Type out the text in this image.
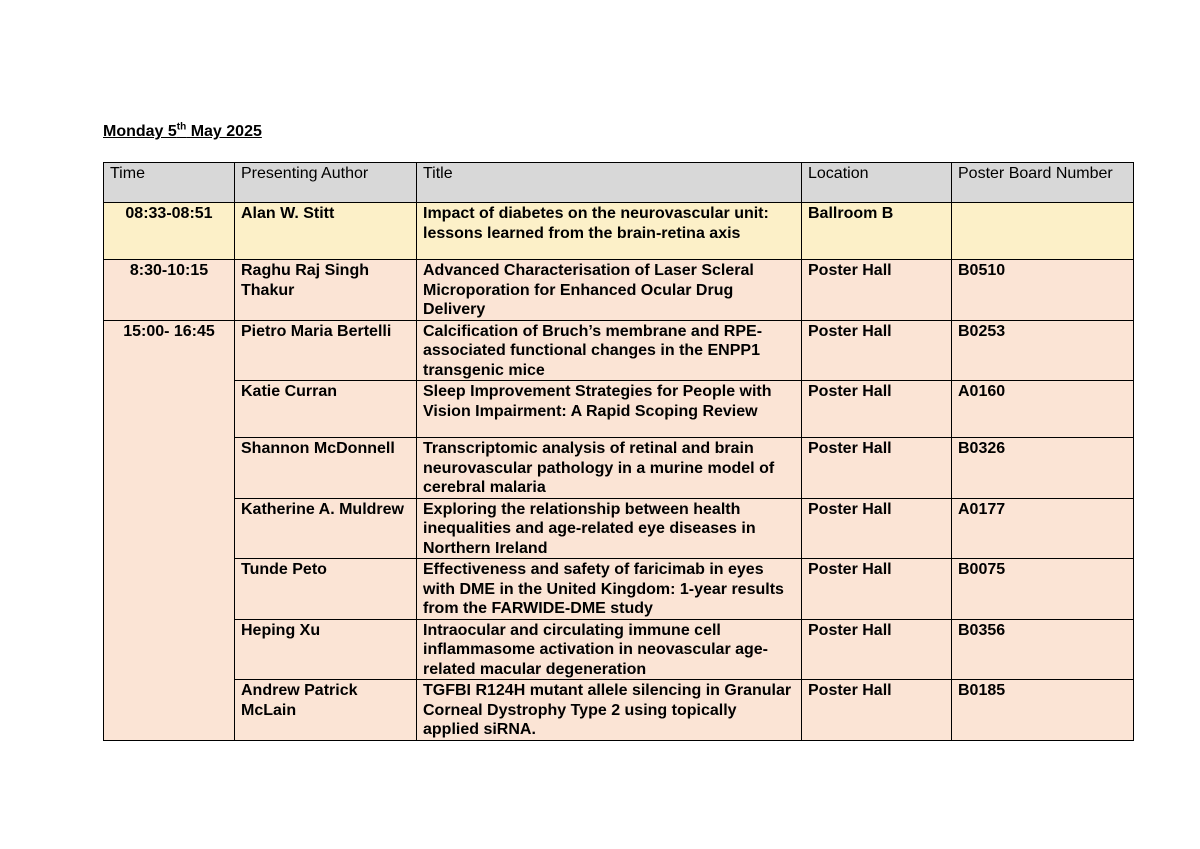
Monday 5th May 2025
Time	Presenting Author	Title	Location	Poster Board Number
08:33-08:51	Alan W. Stitt	Impact of diabetes on the neurovascular unit: lessons learned from the brain-retina axis	Ballroom B	
8:30-10:15	Raghu Raj Singh Thakur	Advanced Characterisation of Laser Scleral Microporation for Enhanced Ocular Drug Delivery	Poster Hall	B0510
15:00- 16:45	Pietro Maria Bertelli	Calcification of Bruch’s membrane and RPE-associated functional changes in the ENPP1 transgenic mice	Poster Hall	B0253
	Katie Curran	Sleep Improvement Strategies for People with Vision Impairment: A Rapid Scoping Review	Poster Hall	A0160
	Shannon McDonnell	Transcriptomic analysis of retinal and brain neurovascular pathology in a murine model of cerebral malaria	Poster Hall	B0326
	Katherine A. Muldrew	Exploring the relationship between health inequalities and age-related eye diseases in Northern Ireland	Poster Hall	A0177
	Tunde Peto	Effectiveness and safety of faricimab in eyes with DME in the United Kingdom: 1-year results from the FARWIDE-DME study	Poster Hall	B0075
	Heping Xu	Intraocular and circulating immune cell inflammasome activation in neovascular age-related macular degeneration	Poster Hall	B0356
	Andrew Patrick McLain	TGFBI R124H mutant allele silencing in Granular Corneal Dystrophy Type 2 using topically applied siRNA.	Poster Hall	B0185
